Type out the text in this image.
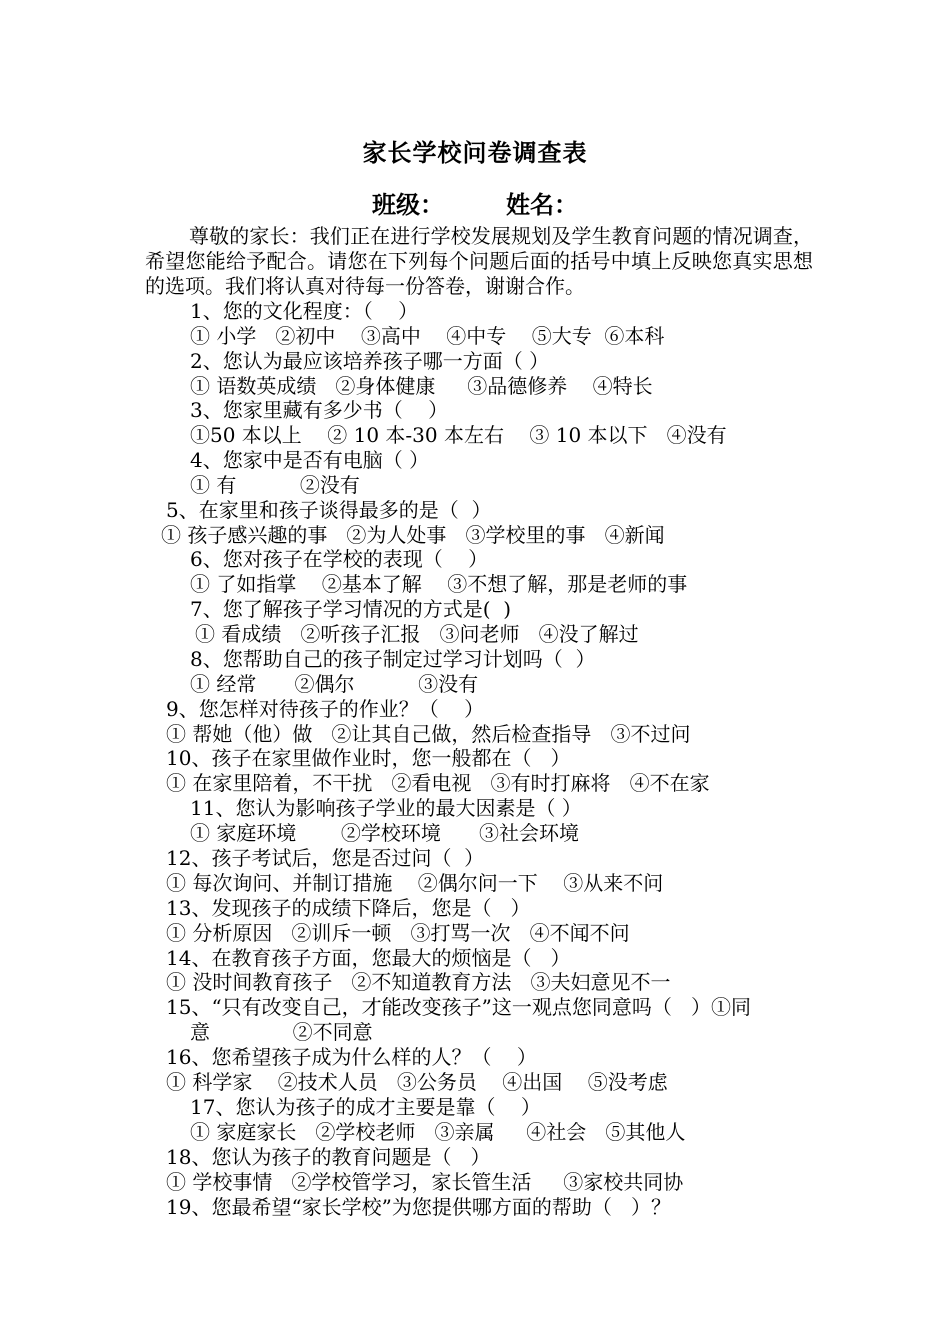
家长学校问卷调查表
班级：	姓名：
尊敬的家长：我们正在进行学校发展规划及学生教育问题的情况调查，希望您能给予配合。请您在下列每个问题后面的括号中填上反映您真实思想的选项。我们将认真对待每一份答卷，谢谢合作。
1、您的文化程度：（    ）
① 小学   ②初中    ③高中    ④中专    ⑤大专  ⑥本科
2、您认为最应该培养孩子哪一方面（ ）
① 语数英成绩   ②身体健康     ③品德修养    ④特长
3、您家里藏有多少书（    ）
①50 本以上    ② 10 本-30 本左右    ③ 10 本以下   ④没有
4、您家中是否有电脑（ ）
① 有          ②没有
5、在家里和孩子谈得最多的是（  ）
① 孩子感兴趣的事   ②为人处事   ③学校里的事   ④新闻
6、您对孩子在学校的表现（    ）
① 了如指掌    ②基本了解    ③不想了解，那是老师的事
7、您了解孩子学习情况的方式是(  )
① 看成绩   ②听孩子汇报   ③问老师   ④没了解过
8、您帮助自己的孩子制定过学习计划吗（  ）
① 经常      ②偶尔          ③没有
9、您怎样对待孩子的作业？（    ）
① 帮她（他）做   ②让其自己做，然后检查指导   ③不过问
10、孩子在家里做作业时，您一般都在（   ）
① 在家里陪着，不干扰   ②看电视   ③有时打麻将   ④不在家
11、您认为影响孩子学业的最大因素是（ ）
① 家庭环境       ②学校环境      ③社会环境
12、孩子考试后，您是否过问（  ）
① 每次询问、并制订措施    ②偶尔问一下    ③从来不问
13、发现孩子的成绩下降后，您是（   ）
① 分析原因   ②训斥一顿   ③打骂一次   ④不闻不问
14、在教育孩子方面，您最大的烦恼是（   ）
① 没时间教育孩子   ②不知道教育方法   ③夫妇意见不一
15、“只有改变自己，才能改变孩子”这一观点您同意吗（   ）①同
意             ②不同意
16、您希望孩子成为什么样的人？（    ）
① 科学家    ②技术人员   ③公务员    ④出国    ⑤没考虑
17、您认为孩子的成才主要是靠（    ）
① 家庭家长   ②学校老师   ③亲属     ④社会   ⑤其他人
18、您认为孩子的教育问题是（   ）
① 学校事情   ②学校管学习，家长管生活     ③家校共同协
19、您最希望“家长学校”为您提供哪方面的帮助（   ）？
